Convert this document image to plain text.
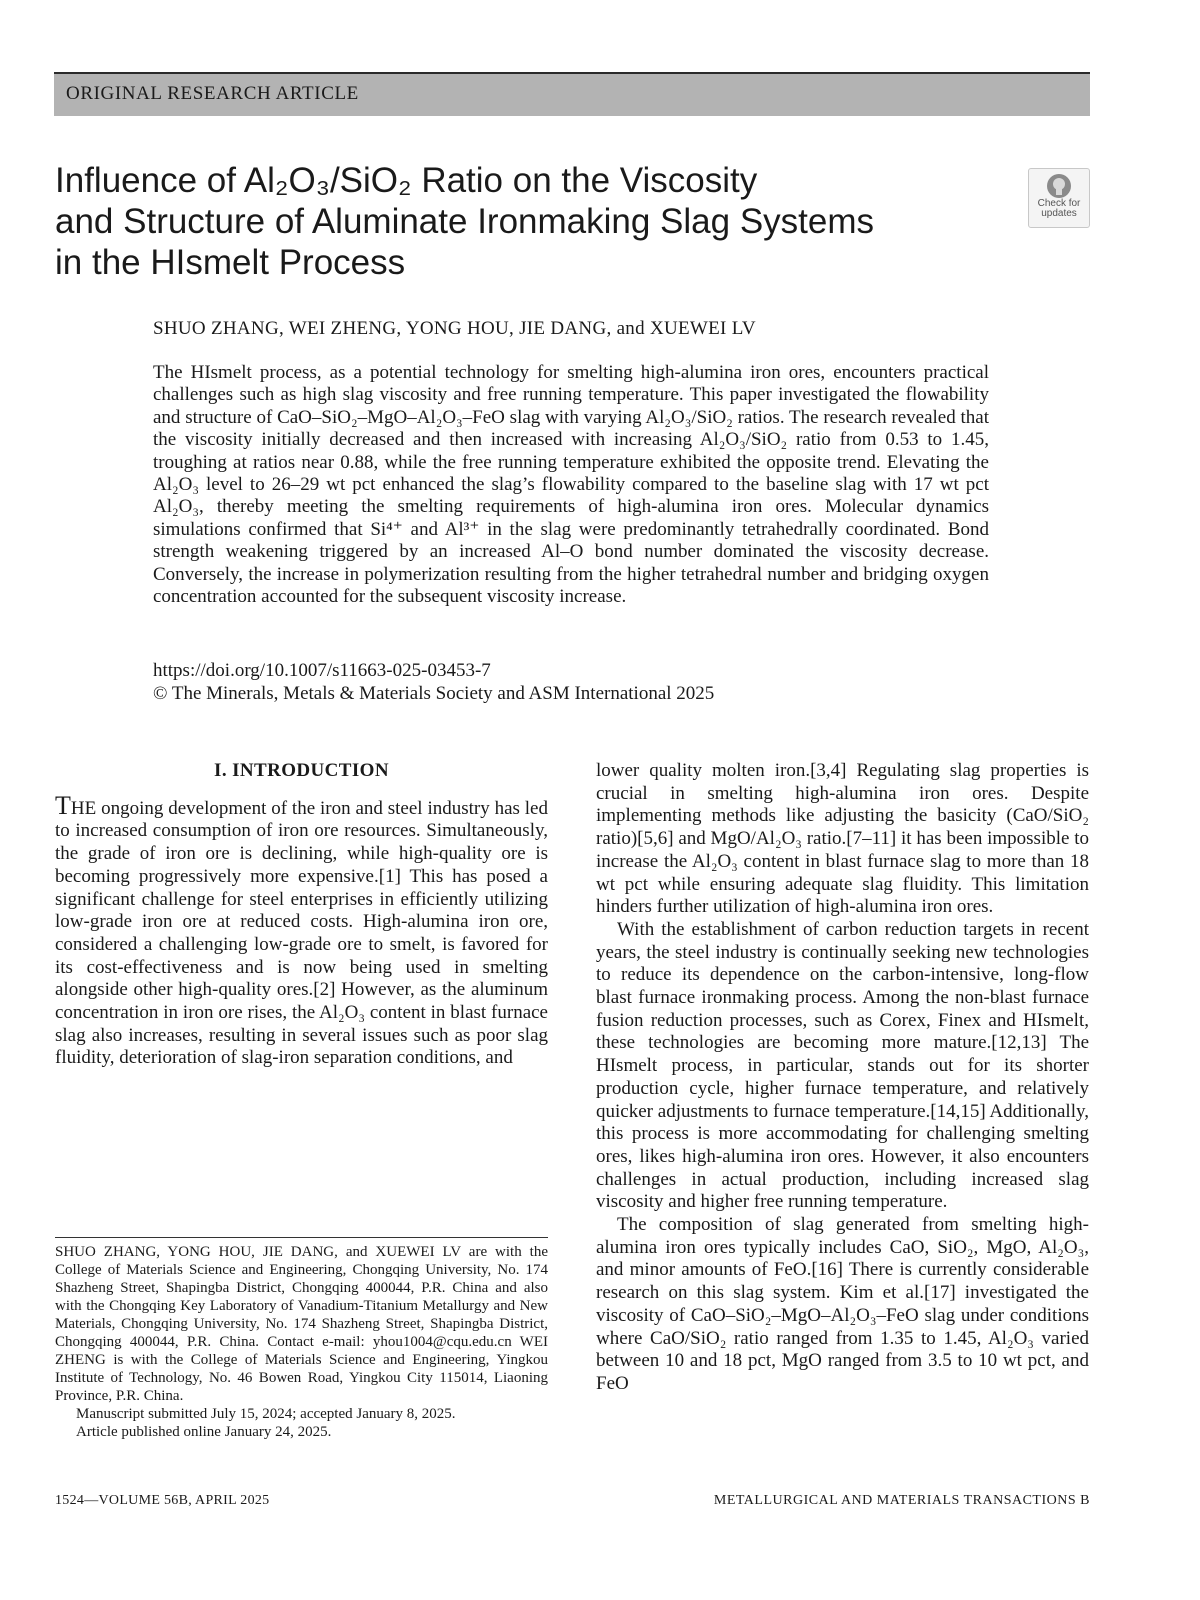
ORIGINAL RESEARCH ARTICLE
Influence of Al₂O₃/SiO₂ Ratio on the Viscosity
and Structure of Aluminate Ironmaking Slag Systems
in the HIsmelt Process
Check for
updates

SHUO ZHANG, WEI ZHENG, YONG HOU, JIE DANG, and XUEWEI LV

The HIsmelt process, as a potential technology for smelting high-alumina iron ores, encounters practical challenges such as high slag viscosity and free running temperature. This paper investigated the flowability and structure of CaO–SiO₂–MgO–Al₂O₃–FeO slag with varying Al₂O₃/SiO₂ ratios. The research revealed that the viscosity initially decreased and then increased with increasing Al₂O₃/SiO₂ ratio from 0.53 to 1.45, troughing at ratios near 0.88, while the free running temperature exhibited the opposite trend. Elevating the Al₂O₃ level to 26–29 wt pct enhanced the slag’s flowability compared to the baseline slag with 17 wt pct Al₂O₃, thereby meeting the smelting requirements of high-alumina iron ores. Molecular dynamics simulations confirmed that Si⁴⁺ and Al³⁺ in the slag were predominantly tetrahedrally coordinated. Bond strength weakening triggered by an increased Al–O bond number dominated the viscosity decrease. Conversely, the increase in polymerization resulting from the higher tetrahedral number and bridging oxygen concentration accounted for the subsequent viscosity increase.

https://doi.org/10.1007/s11663-025-03453-7
© The Minerals, Metals & Materials Society and ASM International 2025
I. INTRODUCTION

THE ongoing development of the iron and steel industry has led to increased consumption of iron ore resources. Simultaneously, the grade of iron ore is declining, while high-quality ore is becoming progressively more expensive.[1] This has posed a significant challenge for steel enterprises in efficiently utilizing low-grade iron ore at reduced costs. High-alumina iron ore, considered a challenging low-grade ore to smelt, is favored for its cost-effectiveness and is now being used in smelting alongside other high-quality ores.[2] However, as the aluminum concentration in iron ore rises, the Al₂O₃ content in blast furnace slag also increases, resulting in several issues such as poor slag fluidity, deterioration of slag-iron separation conditions, and

lower quality molten iron.[3,4] Regulating slag properties is crucial in smelting high-alumina iron ores. Despite implementing methods like adjusting the basicity (CaO/SiO₂ ratio)[5,6] and MgO/Al₂O₃ ratio.[7–11] it has been impossible to increase the Al₂O₃ content in blast furnace slag to more than 18 wt pct while ensuring adequate slag fluidity. This limitation hinders further utilization of high-alumina iron ores.

With the establishment of carbon reduction targets in recent years, the steel industry is continually seeking new technologies to reduce its dependence on the carbon-intensive, long-flow blast furnace ironmaking process. Among the non-blast furnace fusion reduction processes, such as Corex, Finex and HIsmelt, these technologies are becoming more mature.[12,13] The HIsmelt process, in particular, stands out for its shorter production cycle, higher furnace temperature, and relatively quicker adjustments to furnace temperature.[14,15] Additionally, this process is more accommodating for challenging smelting ores, likes high-alumina iron ores. However, it also encounters challenges in actual production, including increased slag viscosity and higher free running temperature.

The composition of slag generated from smelting high-alumina iron ores typically includes CaO, SiO₂, MgO, Al₂O₃, and minor amounts of FeO.[16] There is currently considerable research on this slag system. Kim et al.[17] investigated the viscosity of CaO–SiO₂–MgO–Al₂O₃–FeO slag under conditions where CaO/SiO₂ ratio ranged from 1.35 to 1.45, Al₂O₃ varied between 10 and 18 pct, MgO ranged from 3.5 to 10 wt pct, and FeO

SHUO ZHANG, YONG HOU, JIE DANG, and XUEWEI LV are with the College of Materials Science and Engineering, Chongqing University, No. 174 Shazheng Street, Shapingba District, Chongqing 400044, P.R. China and also with the Chongqing Key Laboratory of Vanadium-Titanium Metallurgy and New Materials, Chongqing University, No. 174 Shazheng Street, Shapingba District, Chongqing 400044, P.R. China. Contact e-mail: yhou1004@cqu.edu.cn WEI ZHENG is with the College of Materials Science and Engineering, Yingkou Institute of Technology, No. 46 Bowen Road, Yingkou City 115014, Liaoning Province, P.R. China.

Manuscript submitted July 15, 2024; accepted January 8, 2025.

Article published online January 24, 2025.

1524—VOLUME 56B, APRIL 2025	METALLURGICAL AND MATERIALS TRANSACTIONS B
